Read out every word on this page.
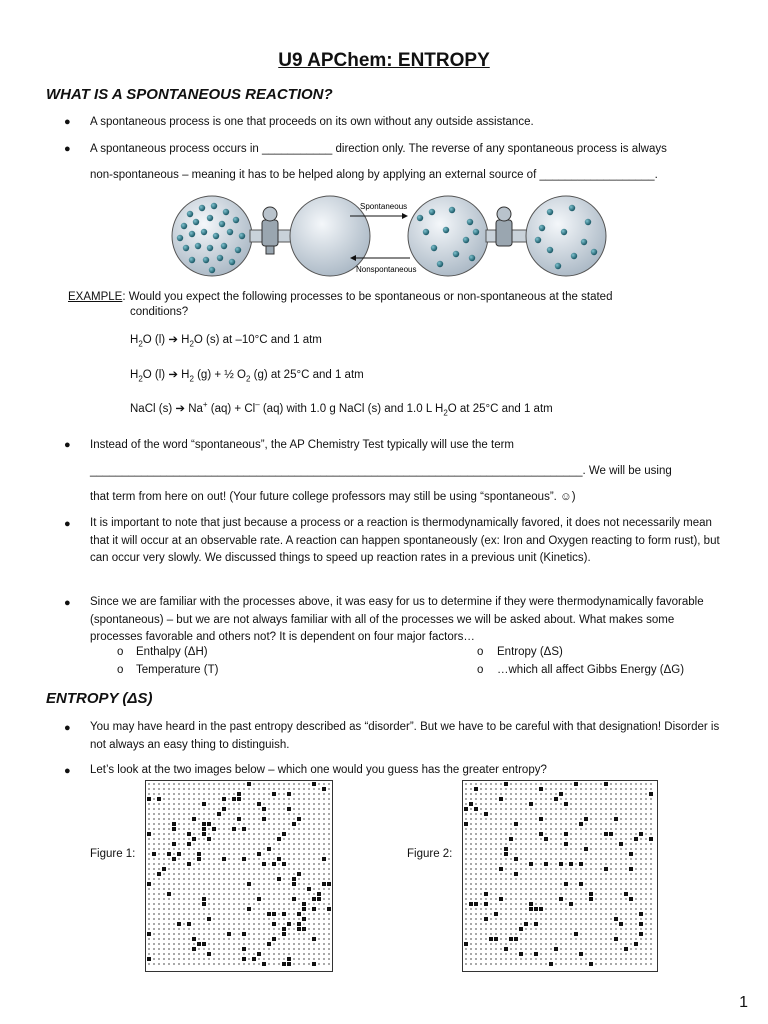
U9 APChem: ENTROPY
WHAT IS A SPONTANEOUS REACTION?
● A spontaneous process is one that proceeds on its own without any outside assistance.
● A spontaneous process occurs in ___________ direction only. The reverse of any spontaneous process is always
non-spontaneous – meaning it has to be helped along by applying an external source of __________________.
Spontaneous
Nonspontaneous
EXAMPLE: Would you expect the following processes to be spontaneous or non-spontaneous at the stated
conditions?
$H_2O$ (l) ➔ $H_2O$ (s) at –10°C and 1 atm
$H_2O$ (l) ➔ $H_2$ (g) + ½ $O_2$ (g) at 25°C and 1 atm
NaCl (s) ➔ Na+ (aq) + Cl– (aq) with 1.0 g NaCl (s) and 1.0 L $H_2O$ at 25°C and 1 atm
● Instead of the word “spontaneous”, the AP Chemistry Test typically will use the term
_____________________________________________________________________________. We will be using
that term from here on out! (Your future college professors may still be using “spontaneous”. ☺)
● It is important to note that just because a process or a reaction is thermodynamically favored, it does not necessarily mean that it will occur at an observable rate. A reaction can happen spontaneously (ex: Iron and Oxygen reacting to form rust), but can occur very slowly. We discussed things to speed up reaction rates in a previous unit (Kinetics).
● Since we are familiar with the processes above, it was easy for us to determine if they were thermodynamically favorable (spontaneous) – but we are not always familiar with all of the processes we will be asked about. What makes some processes favorable and others not? It is dependent on four major factors…
o Enthalpy (ΔH)
o Temperature (T)
o Entropy (ΔS)
o …which all affect Gibbs Energy (ΔG)
ENTROPY (ΔS)
● You may have heard in the past entropy described as “disorder”. But we have to be careful with that designation! Disorder is not always an easy thing to distinguish.
● Let’s look at the two images below – which one would you guess has the greater entropy?
Figure 1:	Figure 2:
1
